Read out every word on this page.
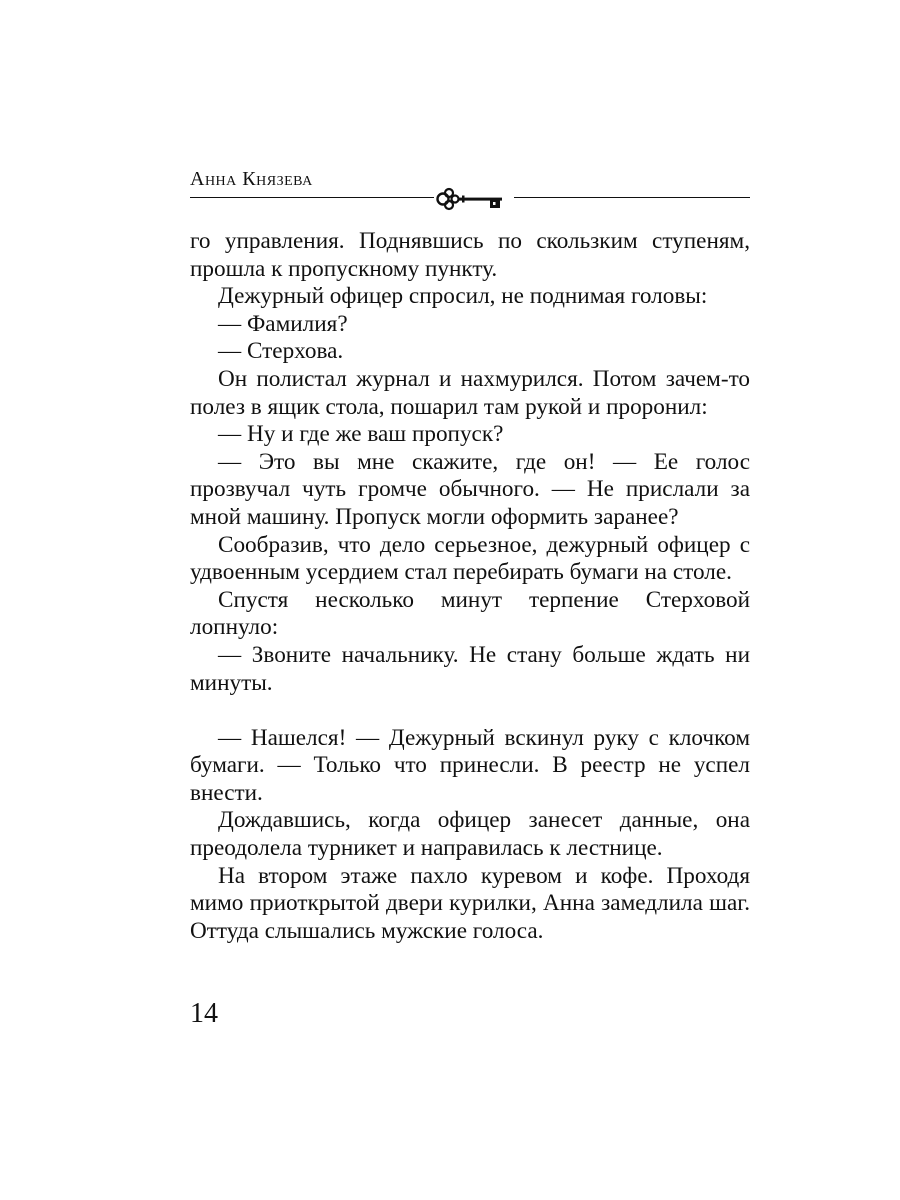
Анна Князева

го управления. Поднявшись по скользким ступеням, прошла к пропускному пункту.

Дежурный офицер спросил, не поднимая головы:

— Фамилия?

— Стерхова.

Он полистал журнал и нахмурился. Потом зачем-то полез в ящик стола, пошарил там рукой и проронил:

— Ну и где же ваш пропуск?

— Это вы мне скажите, где он! — Ее голос прозвучал чуть громче обычного. — Не прислали за мной машину. Пропуск могли оформить заранее?

Сообразив, что дело серьезное, дежурный офицер с удвоенным усердием стал перебирать бумаги на столе.

Спустя несколько минут терпение Стерховой лопнуло:

— Звоните начальнику. Не стану больше ждать ни минуты.

— Нашелся! — Дежурный вскинул руку с клочком бумаги. — Только что принесли. В реестр не успел внести.

Дождавшись, когда офицер занесет данные, она преодолела турникет и направилась к лестнице.

На втором этаже пахло куревом и кофе. Проходя мимо приоткрытой двери курилки, Анна замедлила шаг. Оттуда слышались мужские голоса.

14
